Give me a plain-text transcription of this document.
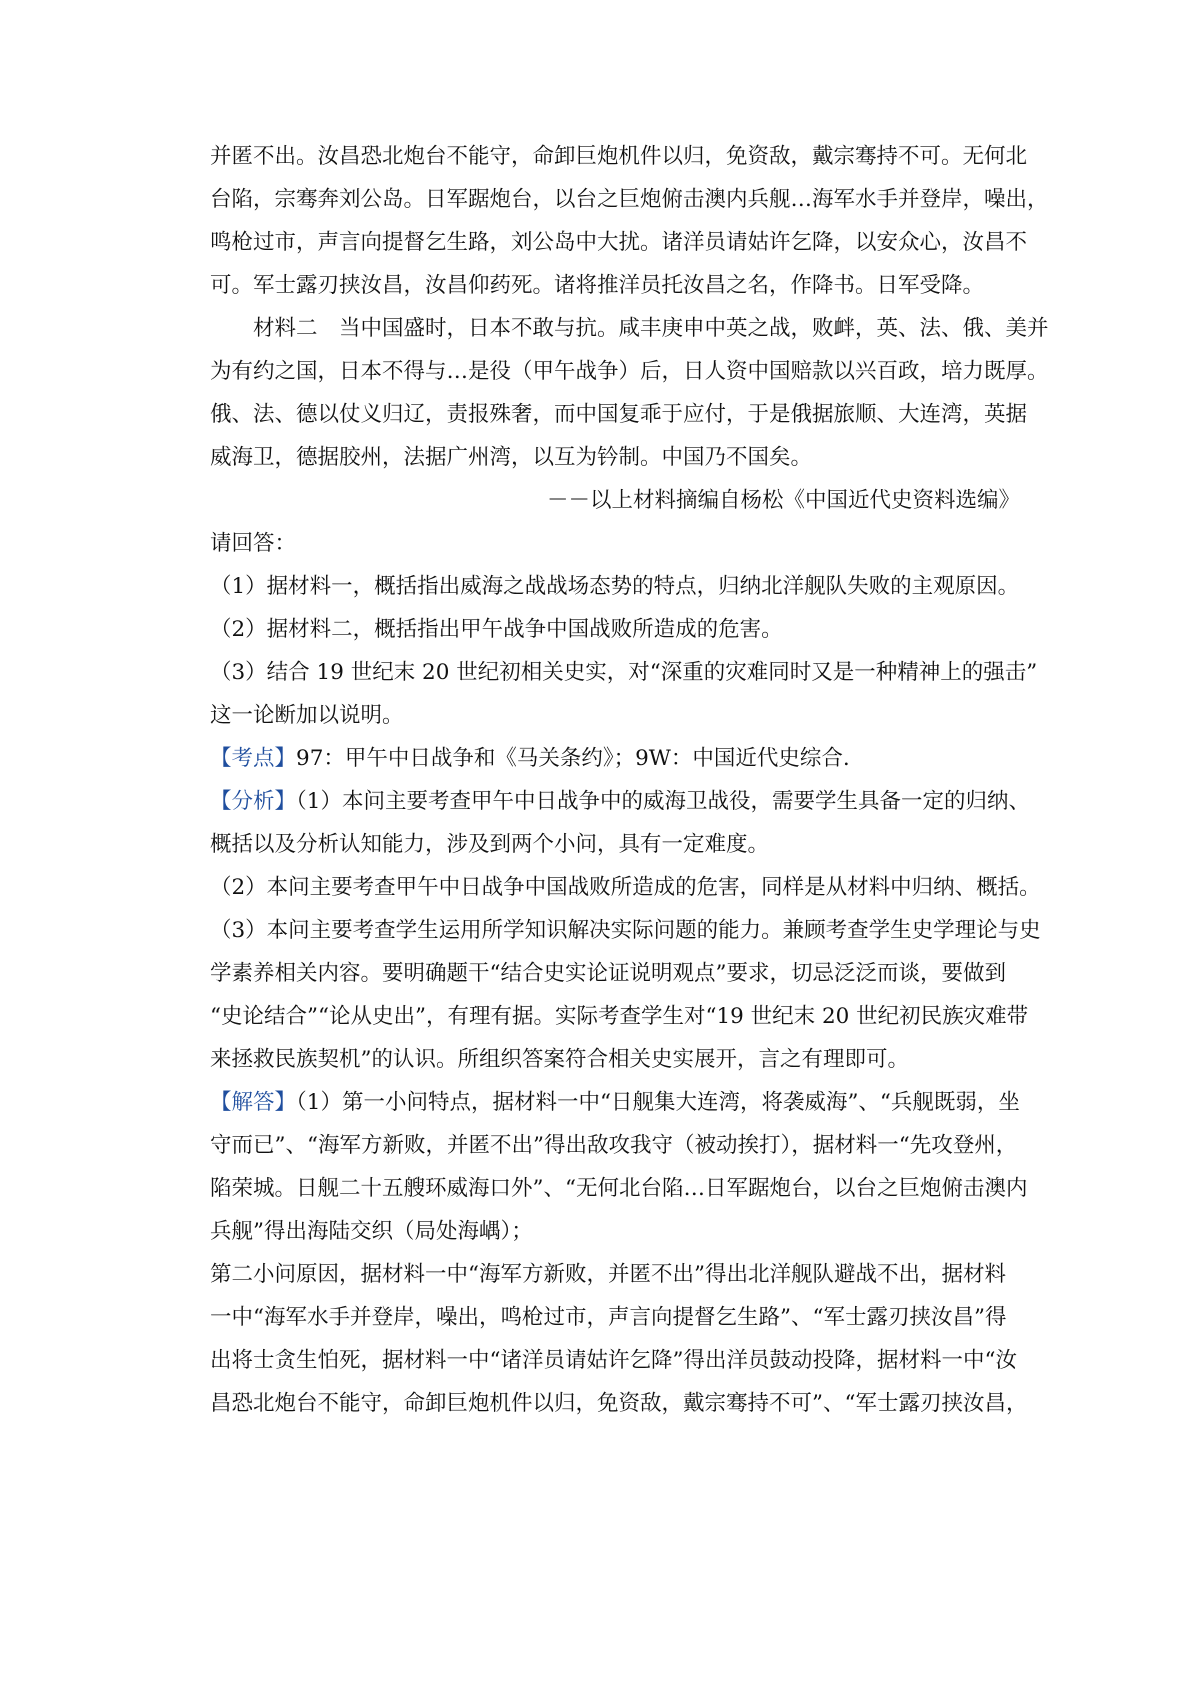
并匿不出。汝昌恐北炮台不能守，命卸巨炮机件以归，免资敌，戴宗骞持不可。无何北
台陷，宗骞奔刘公岛。日军踞炮台，以台之巨炮俯击澳内兵舰…海军水手并登岸，噪出，
鸣枪过市，声言向提督乞生路，刘公岛中大扰。诸洋员请姑许乞降，以安众心，汝昌不
可。军士露刃挟汝昌，汝昌仰药死。诸将推洋员托汝昌之名，作降书。日军受降。
　　材料二　当中国盛时，日本不敢与抗。咸丰庚申中英之战，败衅，英、法、俄、美并
为有约之国，日本不得与…是役（甲午战争）后，日人资中国赔款以兴百政，培力既厚。
俄、法、德以仗义归辽，责报殊奢，而中国复乖于应付，于是俄据旅顺、大连湾，英据
威海卫，德据胶州，法据广州湾，以互为钤制。中国乃不国矣。
－－以上材料摘编自杨松《中国近代史资料选编》
请回答：
（1）据材料一，概括指出威海之战战场态势的特点，归纳北洋舰队失败的主观原因。
（2）据材料二，概括指出甲午战争中国战败所造成的危害。
（3）结合 19 世纪末 20 世纪初相关史实，对“深重的灾难同时又是一种精神上的强击”
这一论断加以说明。
【考点】97：甲午中日战争和《马关条约》；9W：中国近代史综合.
【分析】（1）本问主要考查甲午中日战争中的威海卫战役，需要学生具备一定的归纳、
概括以及分析认知能力，涉及到两个小问，具有一定难度。
（2）本问主要考查甲午中日战争中国战败所造成的危害，同样是从材料中归纳、概括。
（3）本问主要考查学生运用所学知识解决实际问题的能力。兼顾考查学生史学理论与史
学素养相关内容。要明确题干“结合史实论证说明观点”要求，切忌泛泛而谈，要做到
“史论结合”“论从史出”，有理有据。实际考查学生对“19 世纪末 20 世纪初民族灾难带
来拯救民族契机”的认识。所组织答案符合相关史实展开，言之有理即可。
【解答】（1）第一小问特点，据材料一中“日舰集大连湾，将袭威海”、“兵舰既弱，坐
守而已”、“海军方新败，并匿不出”得出敌攻我守（被动挨打），据材料一“先攻登州，
陷荣城。日舰二十五艘环威海口外”、“无何北台陷…日军踞炮台，以台之巨炮俯击澳内
兵舰”得出海陆交织（局处海嵎）；
第二小问原因，据材料一中“海军方新败，并匿不出”得出北洋舰队避战不出，据材料
一中“海军水手并登岸，噪出，鸣枪过市，声言向提督乞生路”、“军士露刃挟汝昌”得
出将士贪生怕死，据材料一中“诸洋员请姑许乞降”得出洋员鼓动投降，据材料一中“汝
昌恐北炮台不能守，命卸巨炮机件以归，免资敌，戴宗骞持不可”、“军士露刃挟汝昌，
